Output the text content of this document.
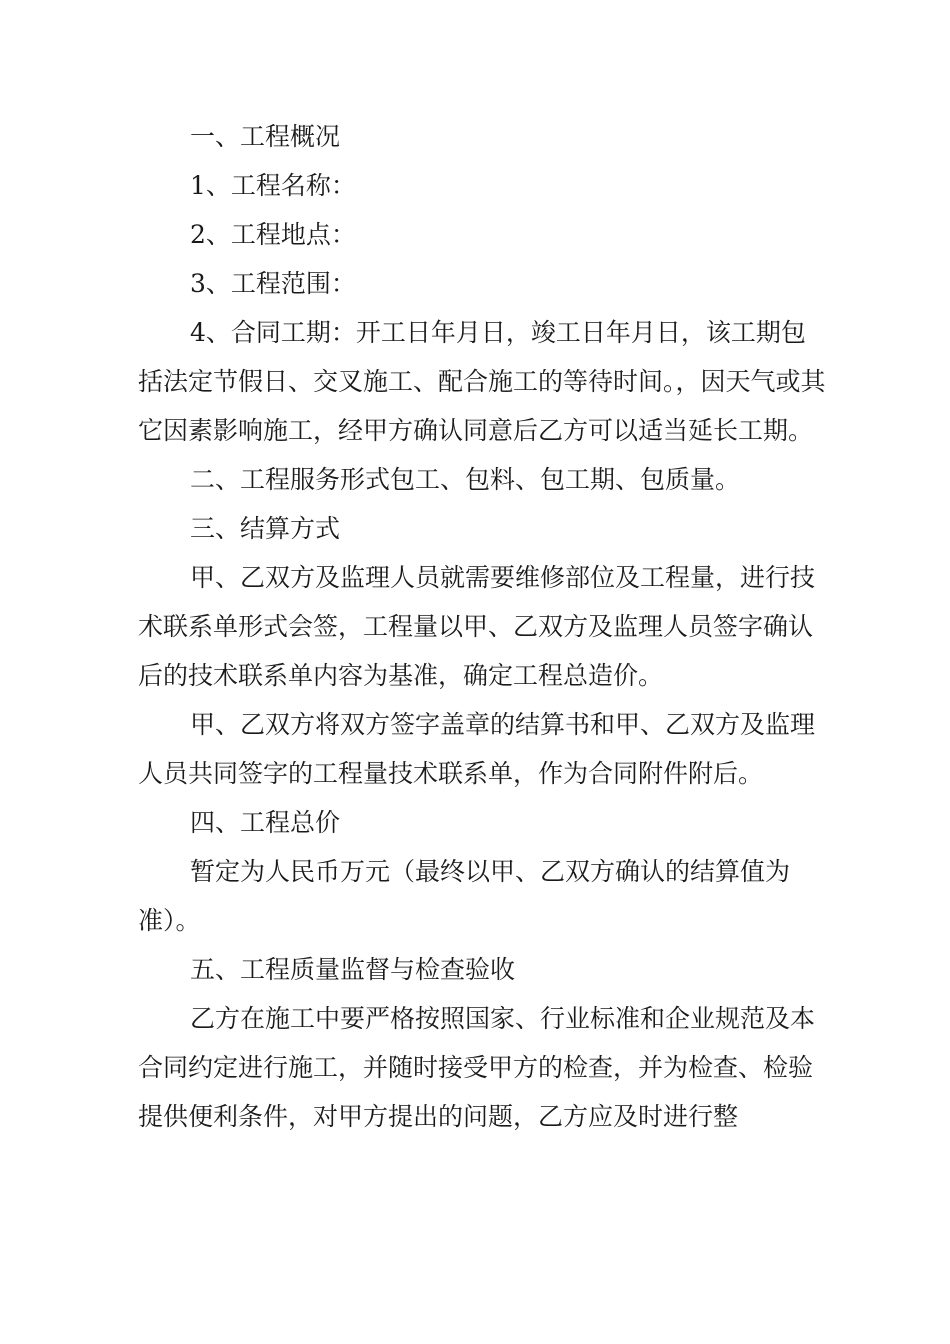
一、工程概况

1、工程名称：

2、工程地点：

3、工程范围：

4、合同工期：开工日年月日，竣工日年月日，该工期包括法定节假日、交叉施工、配合施工的等待时间。，因天气或其它因素影响施工，经甲方确认同意后乙方可以适当延长工期。

二、工程服务形式包工、包料、包工期、包质量。

三、结算方式

甲、乙双方及监理人员就需要维修部位及工程量，进行技术联系单形式会签，工程量以甲、乙双方及监理人员签字确认后的技术联系单内容为基准，确定工程总造价。

甲、乙双方将双方签字盖章的结算书和甲、乙双方及监理人员共同签字的工程量技术联系单，作为合同附件附后。

四、工程总价

暂定为人民币万元（最终以甲、乙双方确认的结算值为准）。

五、工程质量监督与检查验收

乙方在施工中要严格按照国家、行业标准和企业规范及本合同约定进行施工，并随时接受甲方的检查，并为检查、检验提供便利条件，对甲方提出的问题，乙方应及时进行整
